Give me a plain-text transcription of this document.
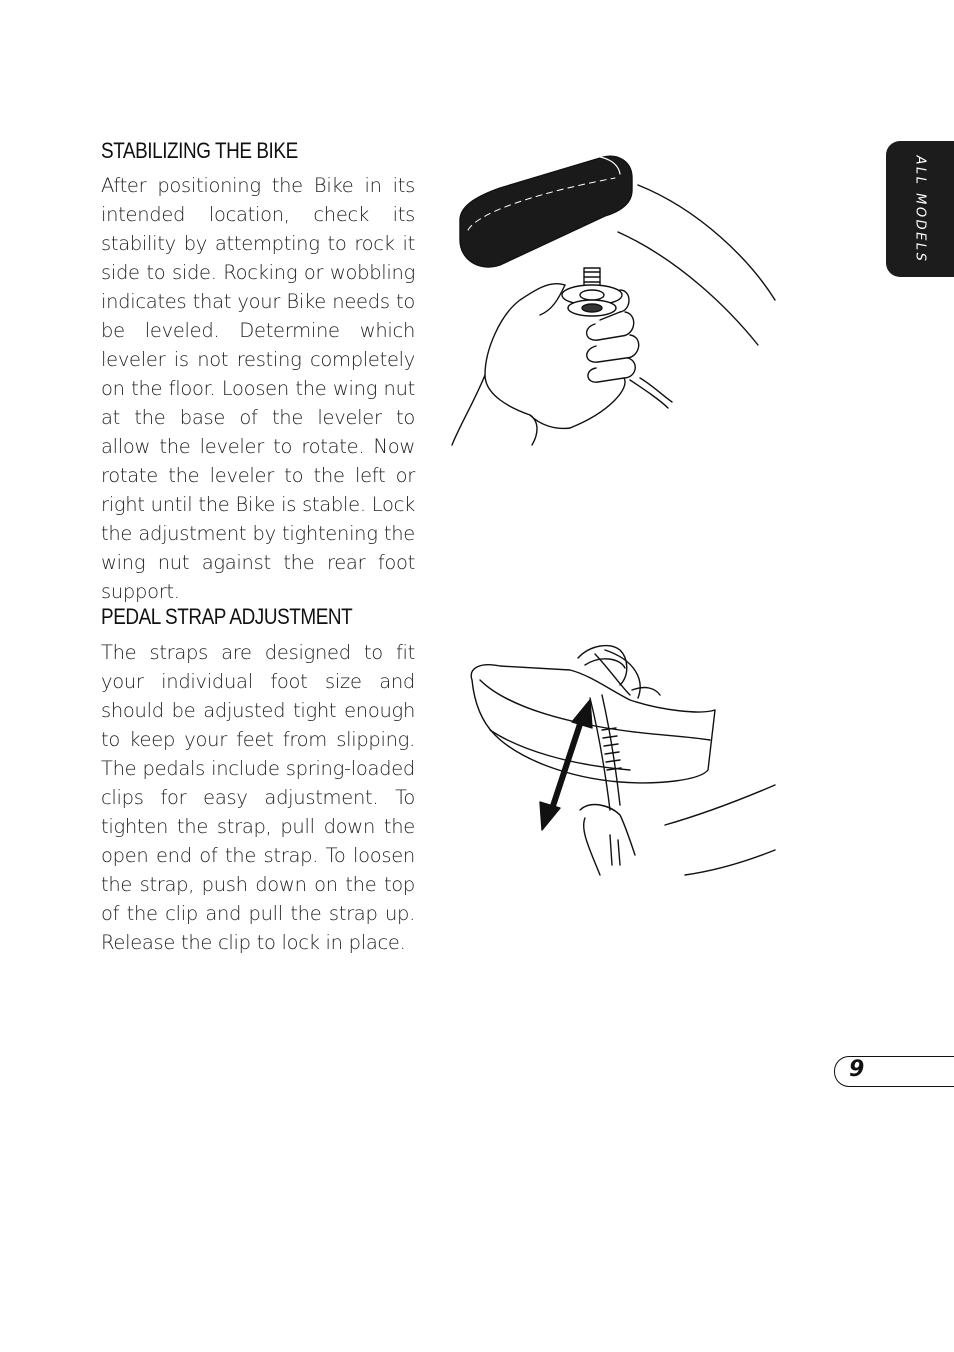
STABILIZING THE BIKE

After positioning the Bike in its intended location, check its stability by attempting to rock it side to side. Rocking or wobbling indicates that your Bike needs to be leveled. Determine which leveler is not resting completely on the floor. Loosen the wing nut at the base of the leveler to allow the leveler to rotate. Now rotate the leveler to the left or right until the Bike is stable. Lock the adjustment by tightening the wing nut against the rear foot support.

PEDAL STRAP ADJUSTMENT

The straps are designed to fit your individual foot size and should be adjusted tight enough to keep your feet from slipping. The pedals include spring-loaded clips for easy adjustment. To tighten the strap, pull down the open end of the strap. To loosen the strap, push down on the top of the clip and pull the strap up. Release the clip to lock in place.

ALL MODELS
9
